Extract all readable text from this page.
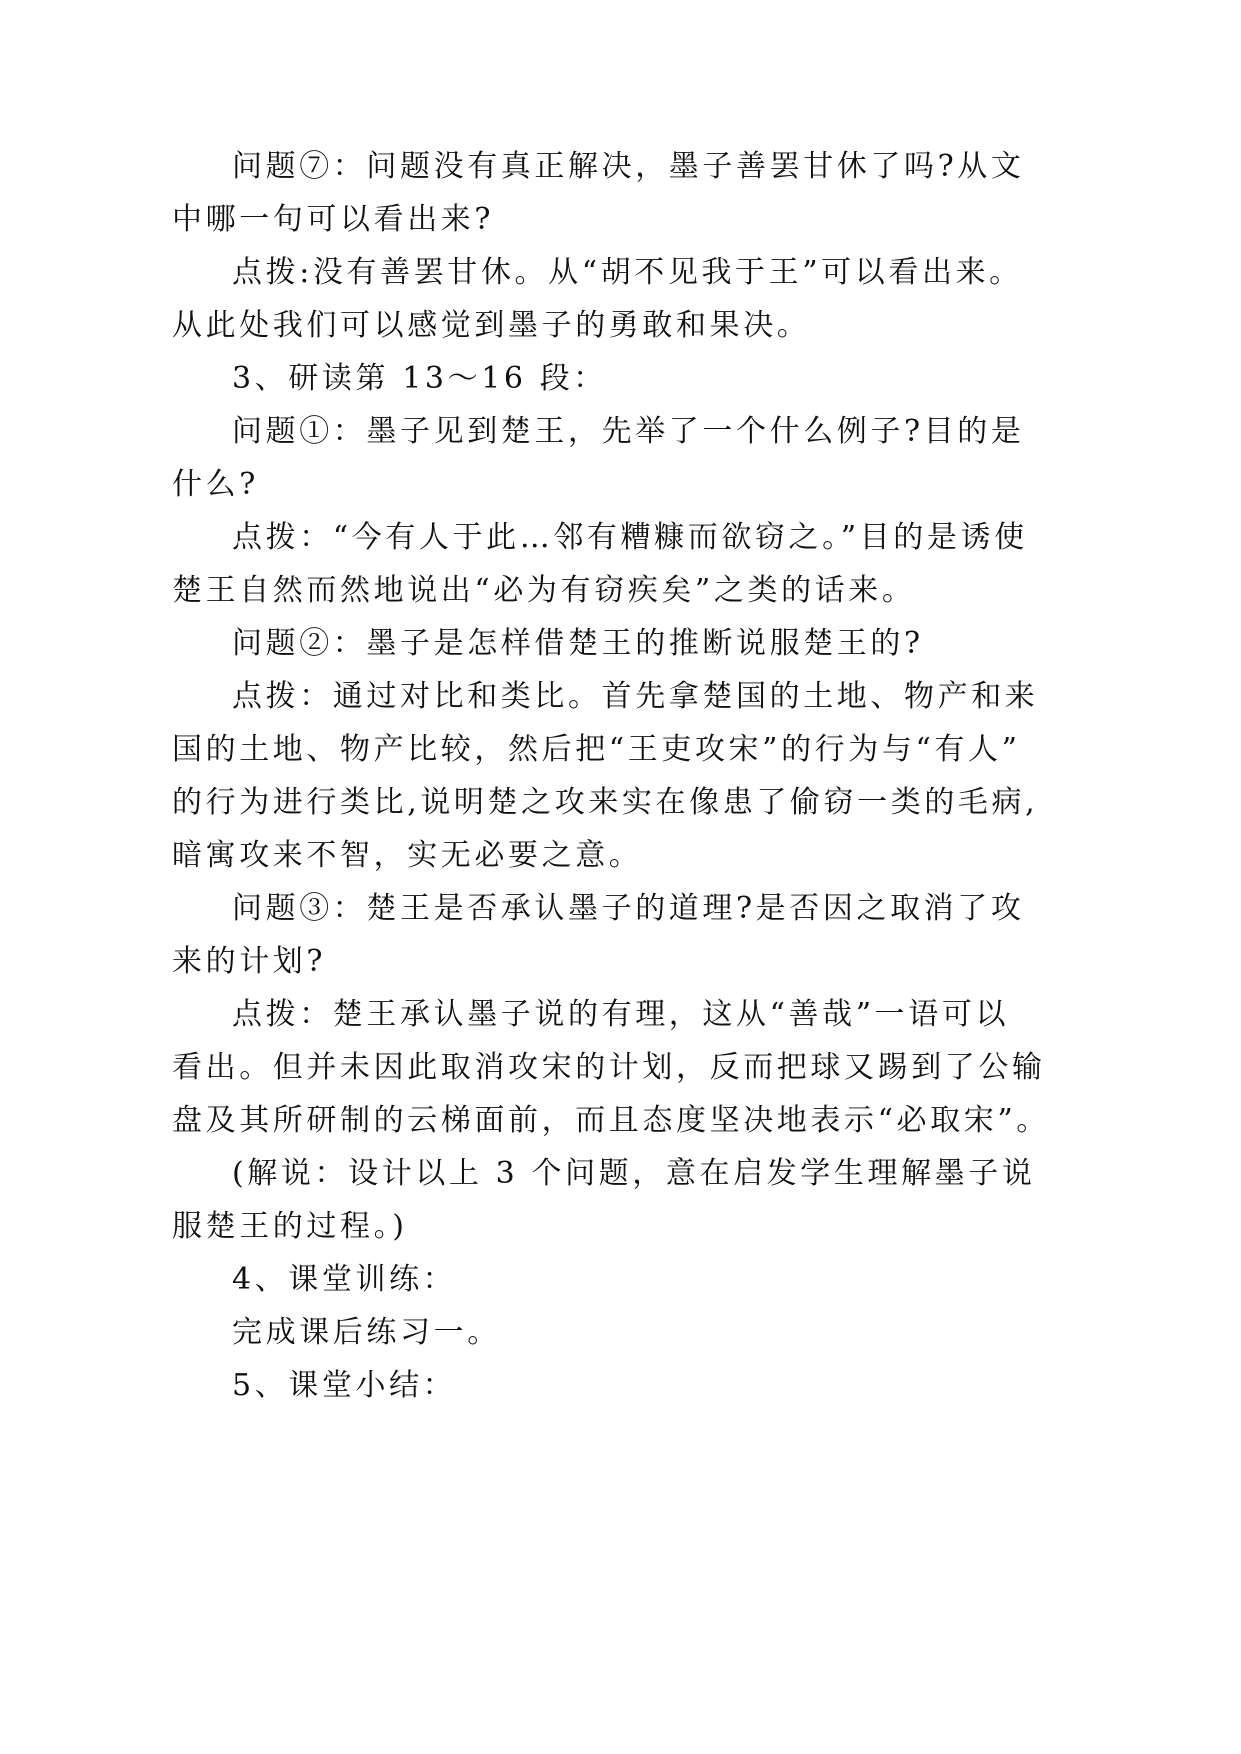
问题⑦：问题没有真正解决，墨子善罢甘休了吗?从文
中哪一句可以看出来?
点拨:没有善罢甘休。从“胡不见我于王”可以看出来。
从此处我们可以感觉到墨子的勇敢和果决。
3、研读第 13～16 段：
问题①：墨子见到楚王，先举了一个什么例子?目的是
什么?
点拨：“今有人于此…邻有糟糠而欲窃之。”目的是诱使
楚王自然而然地说出“必为有窃疾矣”之类的话来。
问题②：墨子是怎样借楚王的推断说服楚王的?
点拨：通过对比和类比。首先拿楚国的土地、物产和来
国的土地、物产比较，然后把“王吏攻宋”的行为与“有人”
的行为进行类比,说明楚之攻来实在像患了偷窃一类的毛病,
暗寓攻来不智，实无必要之意。
问题③：楚王是否承认墨子的道理?是否因之取消了攻
来的计划?
点拨：楚王承认墨子说的有理，这从“善哉”一语可以
看出。但并未因此取消攻宋的计划，反而把球又踢到了公输
盘及其所研制的云梯面前，而且态度坚决地表示“必取宋”。
(解说：设计以上 3 个问题，意在启发学生理解墨子说
服楚王的过程。)
4、课堂训练：
完成课后练习一。
5、课堂小结：
